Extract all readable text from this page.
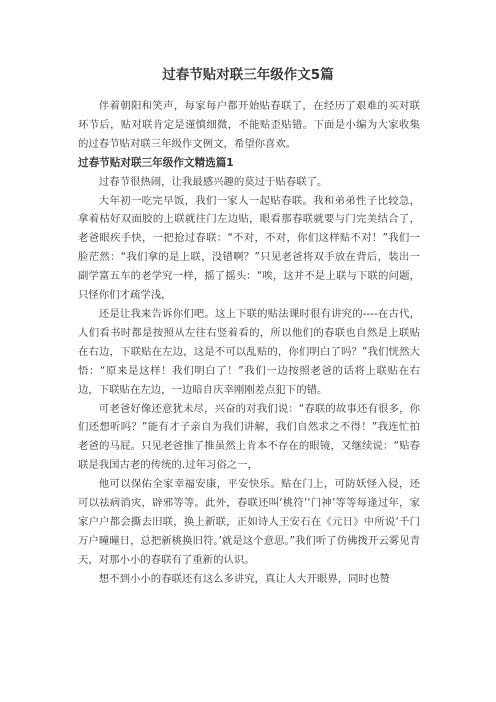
过春节贴对联三年级作文5篇

伴着朝阳和笑声，每家每户都开始贴春联了，在经历了艰难的买对联环节后，贴对联肯定是谨慎细微，不能贴歪贴错。下面是小编为大家收集的过春节贴对联三年级作文例文，希望你喜欢。

过春节贴对联三年级作文精选篇1

过春节很热闹，让我最感兴趣的莫过于贴春联了。

大年初一吃完早饭，我们一家人一起贴春联。我和弟弟性子比较急，拿着枯好双面胶的上联就往门左边贴，眼看那春联就要与门完美结合了，老爸眼疾手快，一把抢过春联：“不对，不对，你们这样贴不对！”我们一脸茫然：“我们拿的是上联，没错啊？”只见老爸将双手放在背后，装出一副学富五车的老学究一样，摇了摇头：“唉，这并不是上联与下联的问题，只怪你们才疏学浅，

还是让我来告诉你们吧。这上下联的贴法课时很有讲究的----在古代，人们看书时都是按照从左往右竖着看的，所以他们的春联也自然是上联贴在右边，下联贴在左边，这是不可以乱贴的，你们明白了吗？”我们恍然大悟：“原来是这样！我们明白了！”我们一边按照老爸的话将上联贴在右边，下联贴在左边，一边暗自庆幸刚刚差点犯下的错。

可老爸好像还意犹未尽，兴奋的对我们说：“春联的故事还有很多，你们还想听吗？”能有才子亲自为我们讲解，我们自然求之不得！”我连忙拍老爸的马屁。只见老爸推了推虽然上肯本不存在的眼镜，又继续说：“贴春联是我国古老的传统的.过年习俗之一，

他可以保佑全家幸福安康，平安快乐。贴在门上，可防妖怪入侵，还可以祛病消灾，辟邪等等。此外，春联还叫‘桃符’‘门神’等等每逢过年，家家户户都会撕去旧联，换上新联，正如诗人王安石在《元日》中所说‘千门万户曈曈日，总把新桃换旧符。’就是这个意思。”我们听了仿佛拨开云雾见青天，对那小小的春联有了重新的认识。

想不到小小的春联还有这么多讲究，真让人大开眼界，同时也赞
